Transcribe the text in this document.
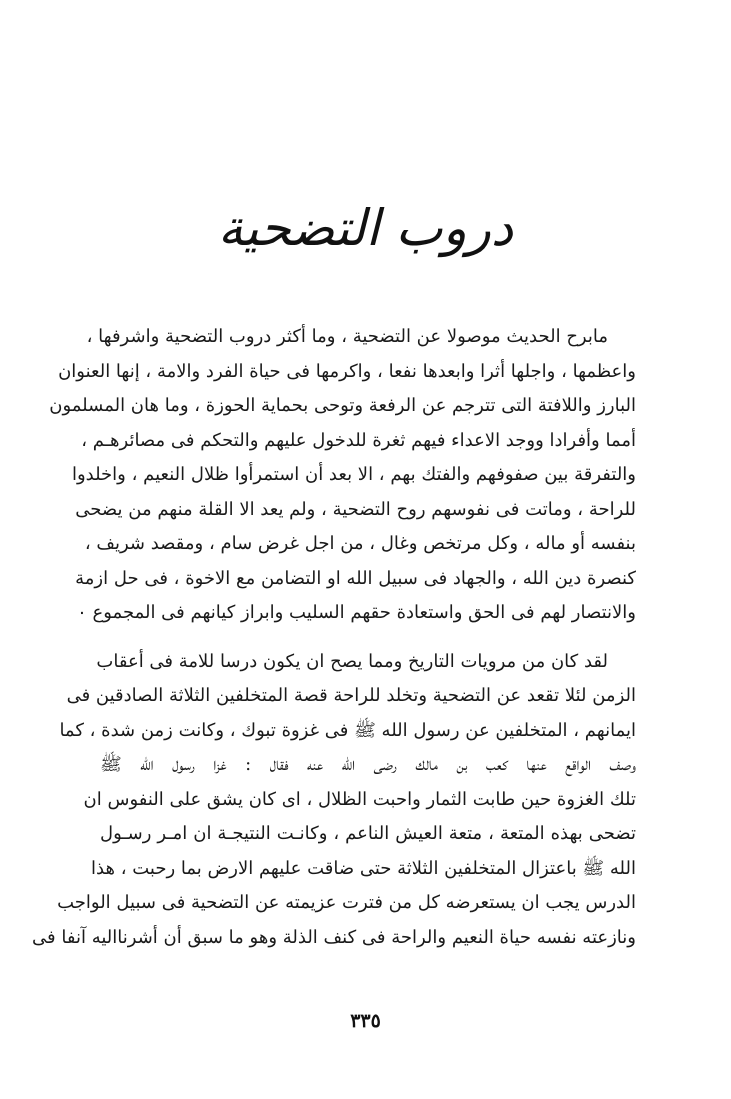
دروب التضحية
مابرح الحديث موصولا عن التضحية ، وما أكثر دروب التضحية واشرفها ،
واعظمها ، واجلها أثرا وابعدها نفعا ، واكرمها فى حياة الفرد والامة ، إنها العنوان
البارز واللافتة التى تترجم عن الرفعة وتوحى بحماية الحوزة ، وما هان المسلمون
أمما وأفرادا ووجد الاعداء فيهم ثغرة للدخول عليهم والتحكم فى مصائرهـم ،
والتفرقة بين صفوفهم والفتك بهم ، الا بعد أن استمرأوا ظلال النعيم ، واخلدوا
للراحة ، وماتت فى نفوسهم روح التضحية ، ولم يعد الا القلة منهم من يضحى
بنفسه أو ماله ، وكل مرتخص وغال ، من اجل غرض سام ، ومقصد شريف ،
كنصرة دين الله ، والجهاد فى سبيل الله او التضامن مع الاخوة ، فى حل ازمة
والانتصار لهم فى الحق واستعادة حقهم السليب وابراز كيانهم فى المجموع ٠
لقد كان من مرويات التاريخ ومما يصح ان يكون درسا للامة فى أعقاب
الزمن لئلا تقعد عن التضحية وتخلد للراحة قصة المتخلفين الثلاثة الصادقين فى
ايمانهم ، المتخلفين عن رسول الله ﷺ فى غزوة تبوك ، وكانت زمن شدة ، كما
وصف الواقع عنها كعب بن مالك رضى الله عنه فقال : غزا رسول الله ﷺ
تلك الغزوة حين طابت الثمار واحبت الظلال ، اى كان يشق على النفوس ان
تضحى بهذه المتعة ، متعة العيش الناعم ، وكانـت النتيجـة ان امـر رسـول
الله ﷺ باعتزال المتخلفين الثلاثة حتى ضاقت عليهم الارض بما رحبت ، هذا
الدرس يجب ان يستعرضه كل من فترت عزيمته عن التضحية فى سبيل الواجب
ونازعته نفسه حياة النعيم والراحة فى كنف الذلة وهو ما سبق أن أشرنااليه آنفا فى
٣٣٥
